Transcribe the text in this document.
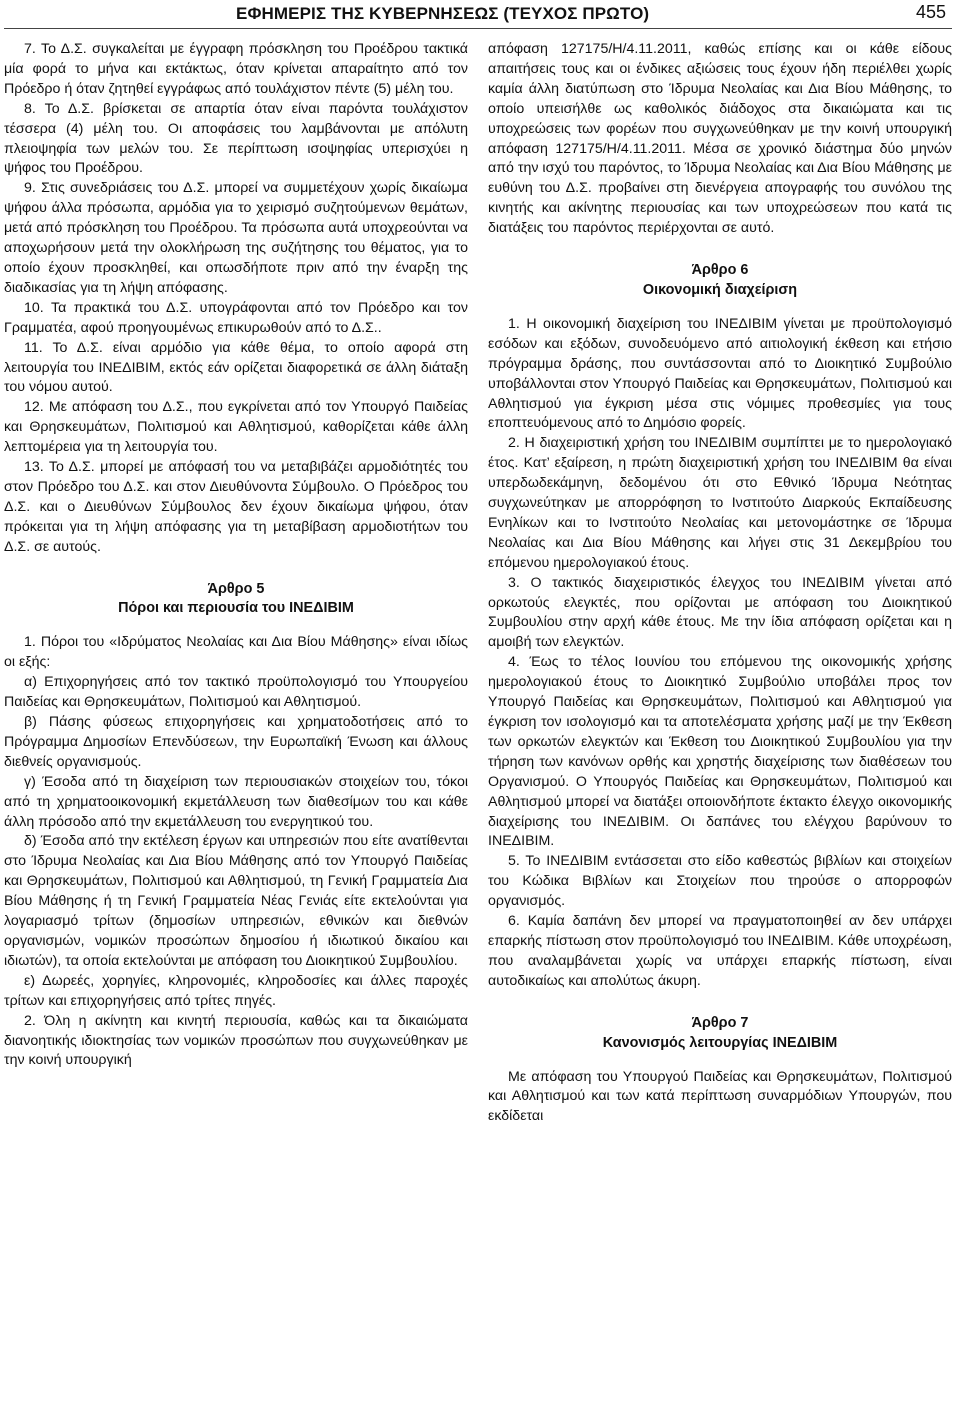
ΕΦΗΜΕΡΙΣ ΤΗΣ ΚΥΒΕΡΝΗΣΕΩΣ (ΤΕΥΧΟΣ ΠΡΩΤΟ)	455

7. Το Δ.Σ. συγκαλείται με έγγραφη πρόσκληση του Προέδρου τακτικά μία φορά το μήνα και εκτάκτως, όταν κρίνεται απαραίτητο από τον Πρόεδρο ή όταν ζητηθεί εγγράφως από τουλάχιστον πέντε (5) μέλη του.

8. Το Δ.Σ. βρίσκεται σε απαρτία όταν είναι παρόντα τουλάχιστον τέσσερα (4) μέλη του. Οι αποφάσεις του λαμβάνονται με απόλυτη πλειοψηφία των μελών του. Σε περίπτωση ισοψηφίας υπερισχύει η ψήφος του Προέδρου.

9. Στις συνεδριάσεις του Δ.Σ. μπορεί να συμμετέχουν χωρίς δικαίωμα ψήφου άλλα πρόσωπα, αρμόδια για το χειρισμό συζητούμενων θεμάτων, μετά από πρόσκληση του Προέδρου. Τα πρόσωπα αυτά υποχρεούνται να αποχωρήσουν μετά την ολοκλήρωση της συζήτησης του θέματος, για το οποίο έχουν προσκληθεί, και οπωσδήποτε πριν από την έναρξη της διαδικασίας για τη λήψη απόφασης.

10. Τα πρακτικά του Δ.Σ. υπογράφονται από τον Πρόεδρο και τον Γραμματέα, αφού προηγουμένως επικυρωθούν από το Δ.Σ..

11. Το Δ.Σ. είναι αρμόδιο για κάθε θέμα, το οποίο αφορά στη λειτουργία του ΙΝΕΔΙΒΙΜ, εκτός εάν ορίζεται διαφορετικά σε άλλη διάταξη του νόμου αυτού.

12. Με απόφαση του Δ.Σ., που εγκρίνεται από τον Υπουργό Παιδείας και Θρησκευμάτων, Πολιτισμού και Αθλητισμού, καθορίζεται κάθε άλλη λεπτομέρεια για τη λειτουργία του.

13. Το Δ.Σ. μπορεί με απόφασή του να μεταβιβάζει αρμοδιότητές του στον Πρόεδρο του Δ.Σ. και στον Διευθύνοντα Σύμβουλο. Ο Πρόεδρος του Δ.Σ. και ο Διευθύνων Σύμβουλος δεν έχουν δικαίωμα ψήφου, όταν πρόκειται για τη λήψη απόφασης για τη μεταβίβαση αρμοδιοτήτων του Δ.Σ. σε αυτούς.

Άρθρο 5

Πόροι και περιουσία του ΙΝΕΔΙΒΙΜ

1. Πόροι του «Ιδρύματος Νεολαίας και Δια Βίου Μάθησης» είναι ιδίως οι εξής:

α) Επιχορηγήσεις από τον τακτικό προϋπολογισμό του Υπουργείου Παιδείας και Θρησκευμάτων, Πολιτισμού και Αθλητισμού.

β) Πάσης φύσεως επιχορηγήσεις και χρηματοδοτήσεις από το Πρόγραμμα Δημοσίων Επενδύσεων, την Ευρωπαϊκή Ένωση και άλλους διεθνείς οργανισμούς.

γ) Έσοδα από τη διαχείριση των περιουσιακών στοιχείων του, τόκοι από τη χρηματοοικονομική εκμετάλλευση των διαθεσίμων του και κάθε άλλη πρόσοδο από την εκμετάλλευση του ενεργητικού του.

δ) Έσοδα από την εκτέλεση έργων και υπηρεσιών που είτε ανατίθενται στο Ίδρυμα Νεολαίας και Δια Βίου Μάθησης από τον Υπουργό Παιδείας και Θρησκευμάτων, Πολιτισμού και Αθλητισμού, τη Γενική Γραμματεία Δια Βίου Μάθησης ή τη Γενική Γραμματεία Νέας Γενιάς είτε εκτελούνται για λογαριασμό τρίτων (δημοσίων υπηρεσιών, εθνικών και διεθνών οργανισμών, νομικών προσώπων δημοσίου ή ιδιωτικού δικαίου και ιδιωτών), τα οποία εκτελούνται με απόφαση του Διοικητικού Συμβουλίου.

ε) Δωρεές, χορηγίες, κληρονομιές, κληροδοσίες και άλλες παροχές τρίτων και επιχορηγήσεις από τρίτες πηγές.

2. Όλη η ακίνητη και κινητή περιουσία, καθώς και τα δικαιώματα διανοητικής ιδιοκτησίας των νομικών προσώπων που συγχωνεύθηκαν με την κοινή υπουργική

απόφαση 127175/Η/4.11.2011, καθώς επίσης και οι κάθε είδους απαιτήσεις τους και οι ένδικες αξιώσεις τους έχουν ήδη περιέλθει χωρίς καμία άλλη διατύπωση στο Ίδρυμα Νεολαίας και Δια Βίου Μάθησης, το οποίο υπεισήλθε ως καθολικός διάδοχος στα δικαιώματα και τις υποχρεώσεις των φορέων που συγχωνεύθηκαν με την κοινή υπουργική απόφαση 127175/Η/4.11.2011. Μέσα σε χρονικό διάστημα δύο μηνών από την ισχύ του παρόντος, το Ίδρυμα Νεολαίας και Δια Βίου Μάθησης με ευθύνη του Δ.Σ. προβαίνει στη διενέργεια απογραφής του συνόλου της κινητής και ακίνητης περιουσίας και των υποχρεώσεων που κατά τις διατάξεις του παρόντος περιέρχονται σε αυτό.

Άρθρο 6

Οικονομική διαχείριση

1. Η οικονομική διαχείριση του ΙΝΕΔΙΒΙΜ γίνεται με προϋπολογισμό εσόδων και εξόδων, συνοδευόμενο από αιτιολογική έκθεση και ετήσιο πρόγραμμα δράσης, που συντάσσονται από το Διοικητικό Συμβούλιο υποβάλλονται στον Υπουργό Παιδείας και Θρησκευμάτων, Πολιτισμού και Αθλητισμού για έγκριση μέσα στις νόμιμες προθεσμίες για τους εποπτευόμενους από το Δημόσιο φορείς.

2. Η διαχειριστική χρήση του ΙΝΕΔΙΒΙΜ συμπίπτει με το ημερολογιακό έτος. Κατ’ εξαίρεση, η πρώτη διαχειριστική χρήση του ΙΝΕΔΙΒΙΜ θα είναι υπερδωδεκάμηνη, δεδομένου ότι στο Εθνικό Ίδρυμα Νεότητας συγχωνεύτηκαν με απορρόφηση το Ινστιτούτο Διαρκούς Εκπαίδευσης Ενηλίκων και το Ινστιτούτο Νεολαίας και μετονομάστηκε σε Ίδρυμα Νεολαίας και Δια Βίου Μάθησης και λήγει στις 31 Δεκεμβρίου του επόμενου ημερολογιακού έτους.

3. Ο τακτικός διαχειριστικός έλεγχος του ΙΝΕΔΙΒΙΜ γίνεται από ορκωτούς ελεγκτές, που ορίζονται με απόφαση του Διοικητικού Συμβουλίου στην αρχή κάθε έτους. Με την ίδια απόφαση ορίζεται και η αμοιβή των ελεγκτών.

4. Έως το τέλος Ιουνίου του επόμενου της οικονομικής χρήσης ημερολογιακού έτους το Διοικητικό Συμβούλιο υποβάλει προς τον Υπουργό Παιδείας και Θρησκευμάτων, Πολιτισμού και Αθλητισμού για έγκριση τον ισολογισμό και τα αποτελέσματα χρήσης μαζί με την Έκθεση των ορκωτών ελεγκτών και Έκθεση του Διοικητικού Συμβουλίου για την τήρηση των κανόνων ορθής και χρηστής διαχείρισης των διαθέσεων του Οργανισμού. Ο Υπουργός Παιδείας και Θρησκευμάτων, Πολιτισμού και Αθλητισμού μπορεί να διατάξει οποιονδήποτε έκτακτο έλεγχο οικονομικής διαχείρισης του ΙΝΕΔΙΒΙΜ. Οι δαπάνες του ελέγχου βαρύνουν το ΙΝΕΔΙΒΙΜ.

5. Το ΙΝΕΔΙΒΙΜ εντάσσεται στο είδο καθεστώς βιβλίων και στοιχείων του Κώδικα Βιβλίων και Στοιχείων που τηρούσε ο απορροφών οργανισμός.

6. Καμία δαπάνη δεν μπορεί να πραγματοποιηθεί αν δεν υπάρχει επαρκής πίστωση στον προϋπολογισμό του ΙΝΕΔΙΒΙΜ. Κάθε υποχρέωση, που αναλαμβάνεται χωρίς να υπάρχει επαρκής πίστωση, είναι αυτοδικαίως και απολύτως άκυρη.

Άρθρο 7

Κανονισμός λειτουργίας ΙΝΕΔΙΒΙΜ

Με απόφαση του Υπουργού Παιδείας και Θρησκευμάτων, Πολιτισμού και Αθλητισμού και των κατά περίπτωση συναρμόδιων Υπουργών, που εκδίδεται
